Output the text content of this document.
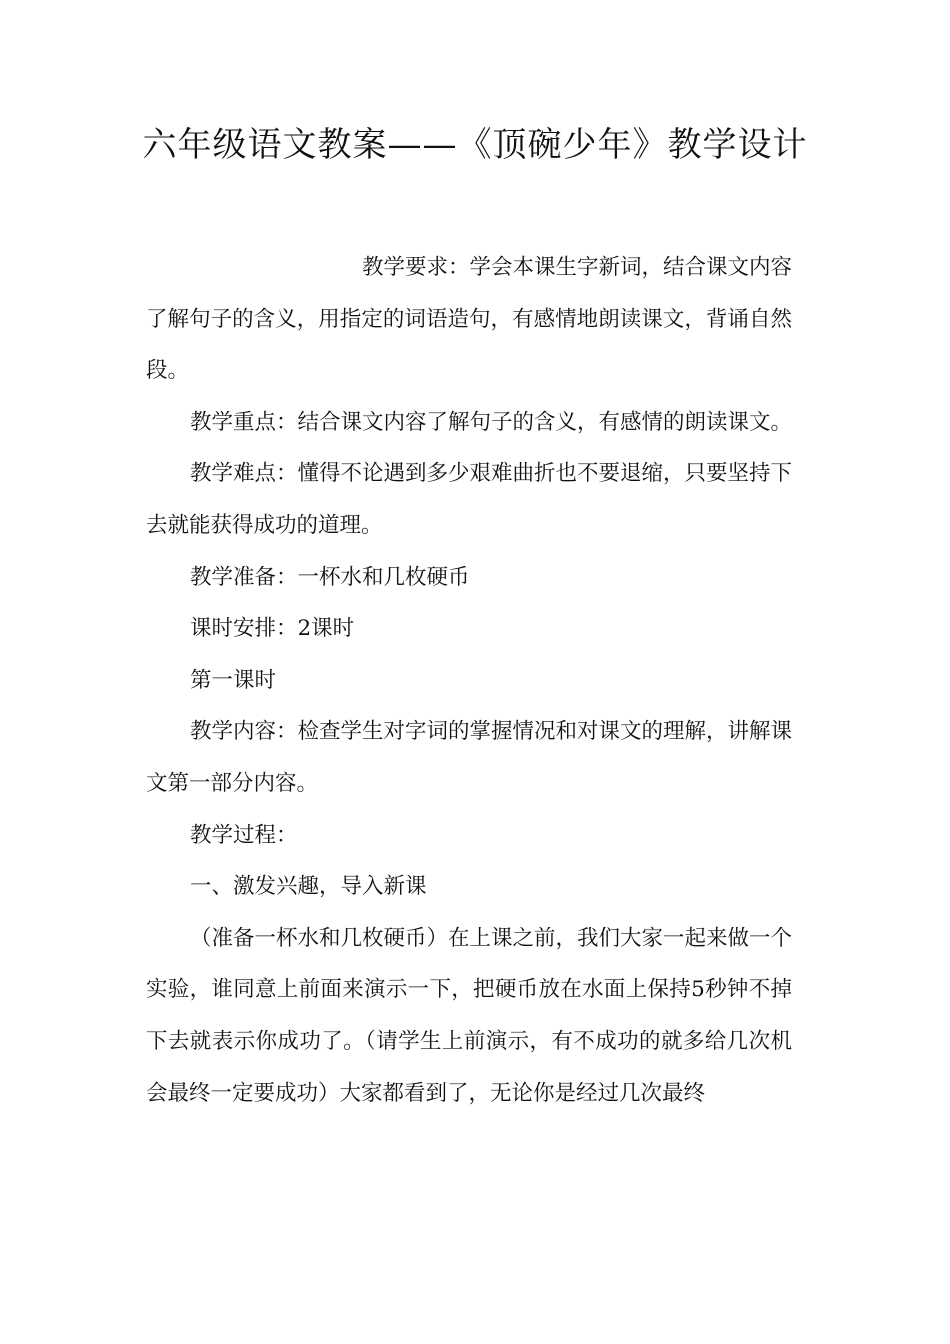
六年级语文教案——《顶碗少年》教学设计

教学要求：学会本课生字新词，结合课文内容了解句子的含义，用指定的词语造句，有感情地朗读课文，背诵自然段。

教学重点：结合课文内容了解句子的含义，有感情的朗读课文。

教学难点：懂得不论遇到多少艰难曲折也不要退缩，只要坚持下去就能获得成功的道理。

教学准备：一杯水和几枚硬币

课时安排：2课时

第一课时

教学内容：检查学生对字词的掌握情况和对课文的理解，讲解课文第一部分内容。

教学过程：

一、激发兴趣，导入新课

（准备一杯水和几枚硬币）在上课之前，我们大家一起来做一个实验，谁同意上前面来演示一下，把硬币放在水面上保持5秒钟不掉下去就表示你成功了。（请学生上前演示，有不成功的就多给几次机会最终一定要成功）大家都看到了，无论你是经过几次最终
